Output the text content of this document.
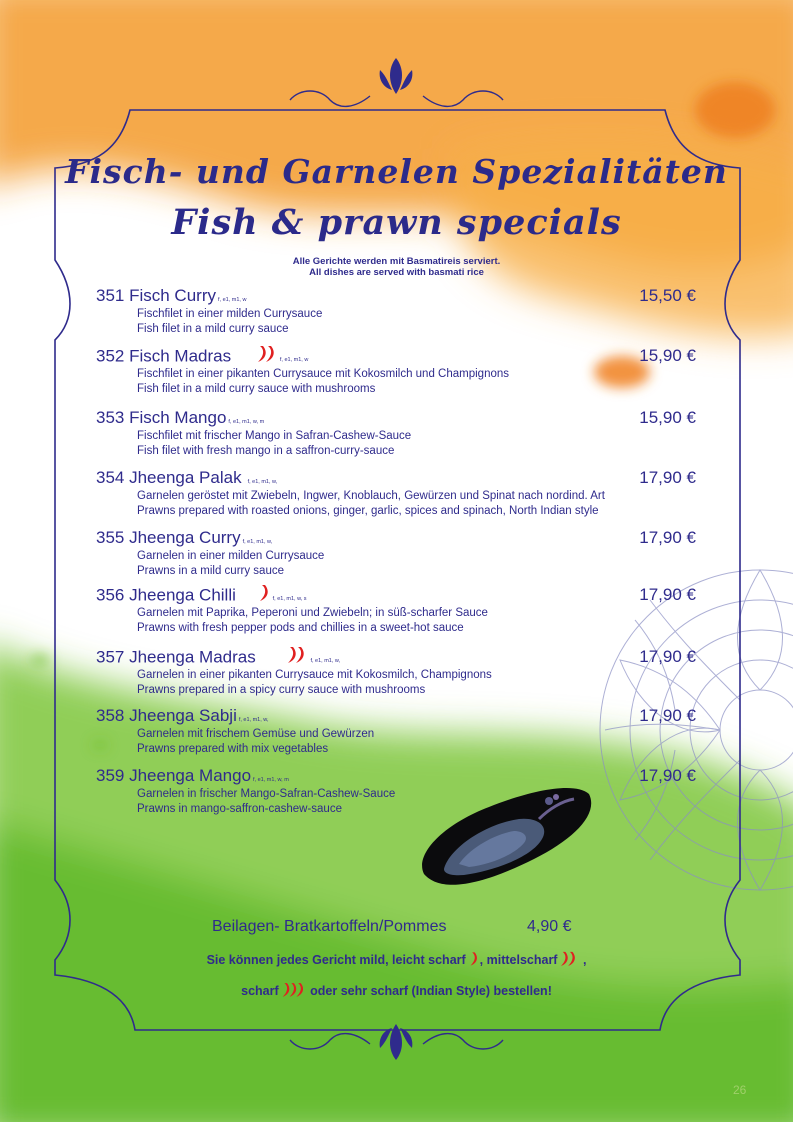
Fisch- und Garnelen Spezialitäten
Fish & prawn specials
Alle Gerichte werden mit Basmatireis serviert.
All dishes are served with basmati rice
351 Fisch Curry f, e1, m1, w	15,50 €
Fischfilet in einer milden Currysauce
Fish filet in a mild curry sauce
352 Fisch Madras	f, e1, m1, w	15,90 €
Fischfilet in einer pikanten Currysauce mit Kokosmilch und Champignons
Fish filet in a mild curry sauce with mushrooms
353 Fisch Mango f, e1, m1, w, m	15,90 €
Fischfilet mit frischer Mango in Safran-Cashew-Sauce
Fish filet with fresh mango in a saffron-curry-sauce
354 Jheenga Palak f, e1, m1, w,	17,90 €
Garnelen geröstet mit Zwiebeln, Ingwer, Knoblauch, Gewürzen und Spinat nach nordind. Art
Prawns prepared with roasted onions, ginger, garlic, spices and spinach, North Indian style
355 Jheenga Curry f, e1, m1, w,	17,90 €
Garnelen in einer milden Currysauce
Prawns in a mild curry sauce
356 Jheenga Chilli	f, e1, m1, w, s	17,90 €
Garnelen mit Paprika, Peperoni und Zwiebeln; in süß-scharfer Sauce
Prawns with fresh pepper pods and chillies in a sweet-hot sauce
357 Jheenga Madras	f, e1, m1, w,	17,90 €
Garnelen in einer pikanten Currysauce mit Kokosmilch, Champignons
Prawns prepared in a spicy curry sauce with mushrooms
358 Jheenga Sabji f, e1, m1, w,	17,90 €
Garnelen mit frischem Gemüse und Gewürzen
Prawns prepared with mix vegetables
359 Jheenga Mango f, e1, m1, w, m	17,90 €
Garnelen in frischer Mango-Safran-Cashew-Sauce
Prawns in mango-saffron-cashew-sauce
Beilagen- Bratkartoffeln/Pommes	4,90 €
Sie können jedes Gericht mild, leicht scharf , mittelscharf ,
scharf oder sehr scharf (Indian Style) bestellen!
26
